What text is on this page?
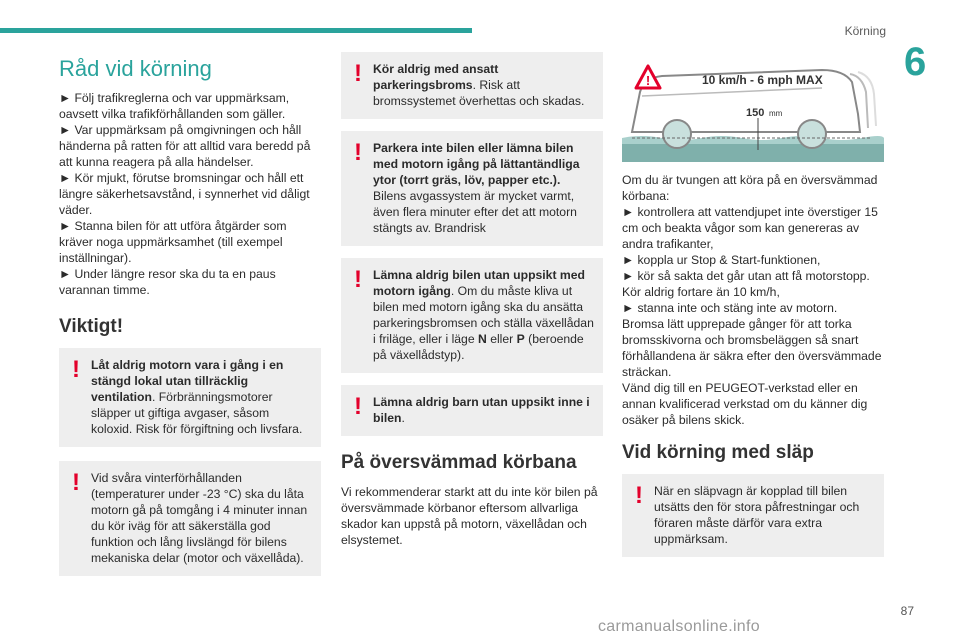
Körning
6
Råd vid körning

► Följ trafikreglerna och var uppmärksam, oavsett vilka trafikförhållanden som gäller.

► Var uppmärksam på omgivningen och håll händerna på ratten för att alltid vara beredd på att kunna reagera på alla händelser.

► Kör mjukt, förutse bromsningar och håll ett längre säkerhetsavstånd, i synnerhet vid dåligt väder.

► Stanna bilen för att utföra åtgärder som kräver noga uppmärksamhet (till exempel inställningar).

► Under längre resor ska du ta en paus varannan timme.

Viktigt!
! Låt aldrig motorn vara i gång i en stängd lokal utan tillräcklig ventilation. Förbränningsmotorer släpper ut giftiga avgaser, såsom koloxid. Risk för förgiftning och livsfara.
! Vid svåra vinterförhållanden (temperaturer under -23 °C) ska du låta motorn gå på tomgång i 4 minuter innan du kör iväg för att säkerställa god funktion och lång livslängd för bilens mekaniska delar (motor och växellåda).
! Kör aldrig med ansatt parkeringsbroms. Risk att bromssystemet överhettas och skadas.
! Parkera inte bilen eller lämna bilen med motorn igång på lättantändliga ytor (torrt gräs, löv, papper etc.). Bilens avgassystem är mycket varmt, även flera minuter efter det att motorn stängts av. Brandrisk
! Lämna aldrig bilen utan uppsikt med motorn igång. Om du måste kliva ut bilen med motorn igång ska du ansätta parkeringsbromsen och ställa växellådan i friläge, eller i läge N eller P (beroende på växellådstyp).
! Lämna aldrig barn utan uppsikt inne i bilen.
På översvämmad körbana

Vi rekommenderar starkt att du inte kör bilen på översvämmade körbanor eftersom allvarliga skador kan uppstå på motorn, växellådan och elsystemet.

!	10 km/h - 6 mph MAX
150 mm

Om du är tvungen att köra på en översvämmad körbana:

► kontrollera att vattendjupet inte överstiger 15 cm och beakta vågor som kan genereras av andra trafikanter,

► koppla ur Stop & Start-funktionen,

► kör så sakta det går utan att få motorstopp. Kör aldrig fortare än 10 km/h,

► stanna inte och stäng inte av motorn.

Bromsa lätt upprepade gånger för att torka bromsskivorna och bromsbeläggen så snart förhållandena är säkra efter den översvämmade sträckan.

Vänd dig till en PEUGEOT-verkstad eller en annan kvalificerad verkstad om du känner dig osäker på bilens skick.

Vid körning med släp
! När en släpvagn är kopplad till bilen utsätts den för stora påfrestningar och föraren måste därför vara extra uppmärksam.
87
carmanualsonline.info
